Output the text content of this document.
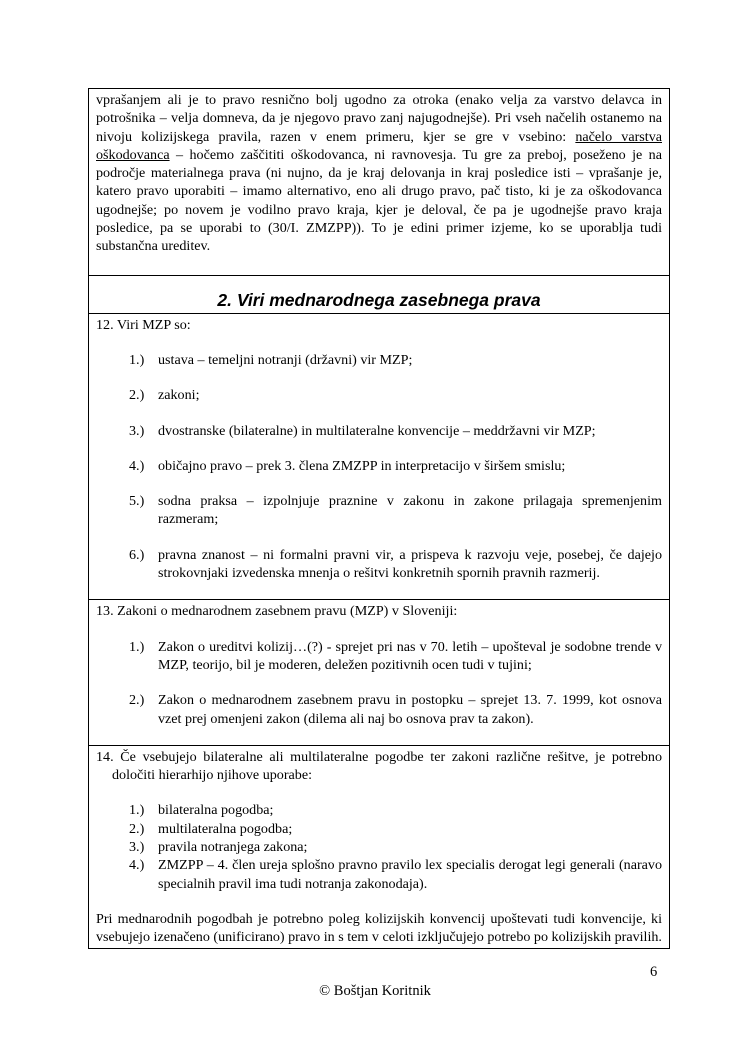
vprašanjem ali je to pravo resnično bolj ugodno za otroka (enako velja za varstvo delavca in potrošnika – velja domneva, da je njegovo pravo zanj najugodnejše). Pri vseh načelih ostanemo na nivoju kolizijskega pravila, razen v enem primeru, kjer se gre v vsebino: načelo varstva oškodovanca – hočemo zaščititi oškodovanca, ni ravnovesja. Tu gre za preboj, poseženo je na področje materialnega prava (ni nujno, da je kraj delovanja in kraj posledice isti – vprašanje je, katero pravo uporabiti – imamo alternativo, eno ali drugo pravo, pač tisto, ki je za oškodovanca ugodnejše; po novem je vodilno pravo kraja, kjer je deloval, če pa je ugodnejše pravo kraja posledice, pa se uporabi to (30/I. ZMZPP)). To je edini primer izjeme, ko se uporablja tudi substančna ureditev.

2. Viri mednarodnega zasebnega prava

12. Viri MZP so:

1.) ustava – temeljni notranji (državni) vir MZP;
2.) zakoni;
3.) dvostranske (bilateralne) in multilateralne konvencije – meddržavni vir MZP;
4.) običajno pravo – prek 3. člena ZMZPP in interpretacijo v širšem smislu;
5.) sodna praksa – izpolnjuje praznine v zakonu in zakone prilagaja spremenjenim razmeram;
6.) pravna znanost – ni formalni pravni vir, a prispeva k razvoju veje, posebej, če dajejo strokovnjaki izvedenska mnenja o rešitvi konkretnih spornih pravnih razmerij.

13. Zakoni o mednarodnem zasebnem pravu (MZP) v Sloveniji:

1.) Zakon o ureditvi kolizij…(?) - sprejet pri nas v 70. letih – upošteval je sodobne trende v MZP, teorijo, bil je moderen, deležen pozitivnih ocen tudi v tujini;
2.) Zakon o mednarodnem zasebnem pravu in postopku – sprejet 13. 7. 1999, kot osnova vzet prej omenjeni zakon (dilema ali naj bo osnova prav ta zakon).

14. Če vsebujejo bilateralne ali multilateralne pogodbe ter zakoni različne rešitve, je potrebno določiti hierarhijo njihove uporabe:

1.) bilateralna pogodba;
2.) multilateralna pogodba;
3.) pravila notranjega zakona;
4.) ZMZPP – 4. člen ureja splošno pravno pravilo lex specialis derogat legi generali (naravo specialnih pravil ima tudi notranja zakonodaja).

Pri mednarodnih pogodbah je potrebno poleg kolizijskih konvencij upoštevati tudi konvencije, ki vsebujejo izenačeno (unificirano) pravo in s tem v celoti izključujejo potrebo po kolizijskih pravilih.

6
© Boštjan Koritnik
